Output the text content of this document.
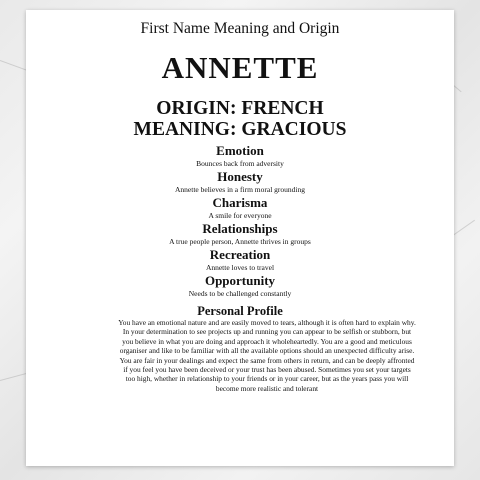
First Name Meaning and Origin
ANNETTE
ORIGIN: FRENCH
MEANING: GRACIOUS
Emotion
Bounces back from adversity
Honesty
Annette believes in a firm moral grounding
Charisma
A smile for everyone
Relationships
A true people person, Annette thrives in groups
Recreation
Annette loves to travel
Opportunity
Needs to be challenged constantly
Personal Profile
You have an emotional nature and are easily moved to tears, although it is often hard to explain why. In your determination to see projects up and running you can appear to be selfish or stubborn, but you believe in what you are doing and approach it wholeheartedly. You are a good and meticulous organiser and like to be familiar with all the available options should an unexpected difficulty arise. You are fair in your dealings and expect the same from others in return, and can be deeply affronted if you feel you have been deceived or your trust has been abused. Sometimes you set your targets too high, whether in relationship to your friends or in your career, but as the years pass you will become more realistic and tolerant
